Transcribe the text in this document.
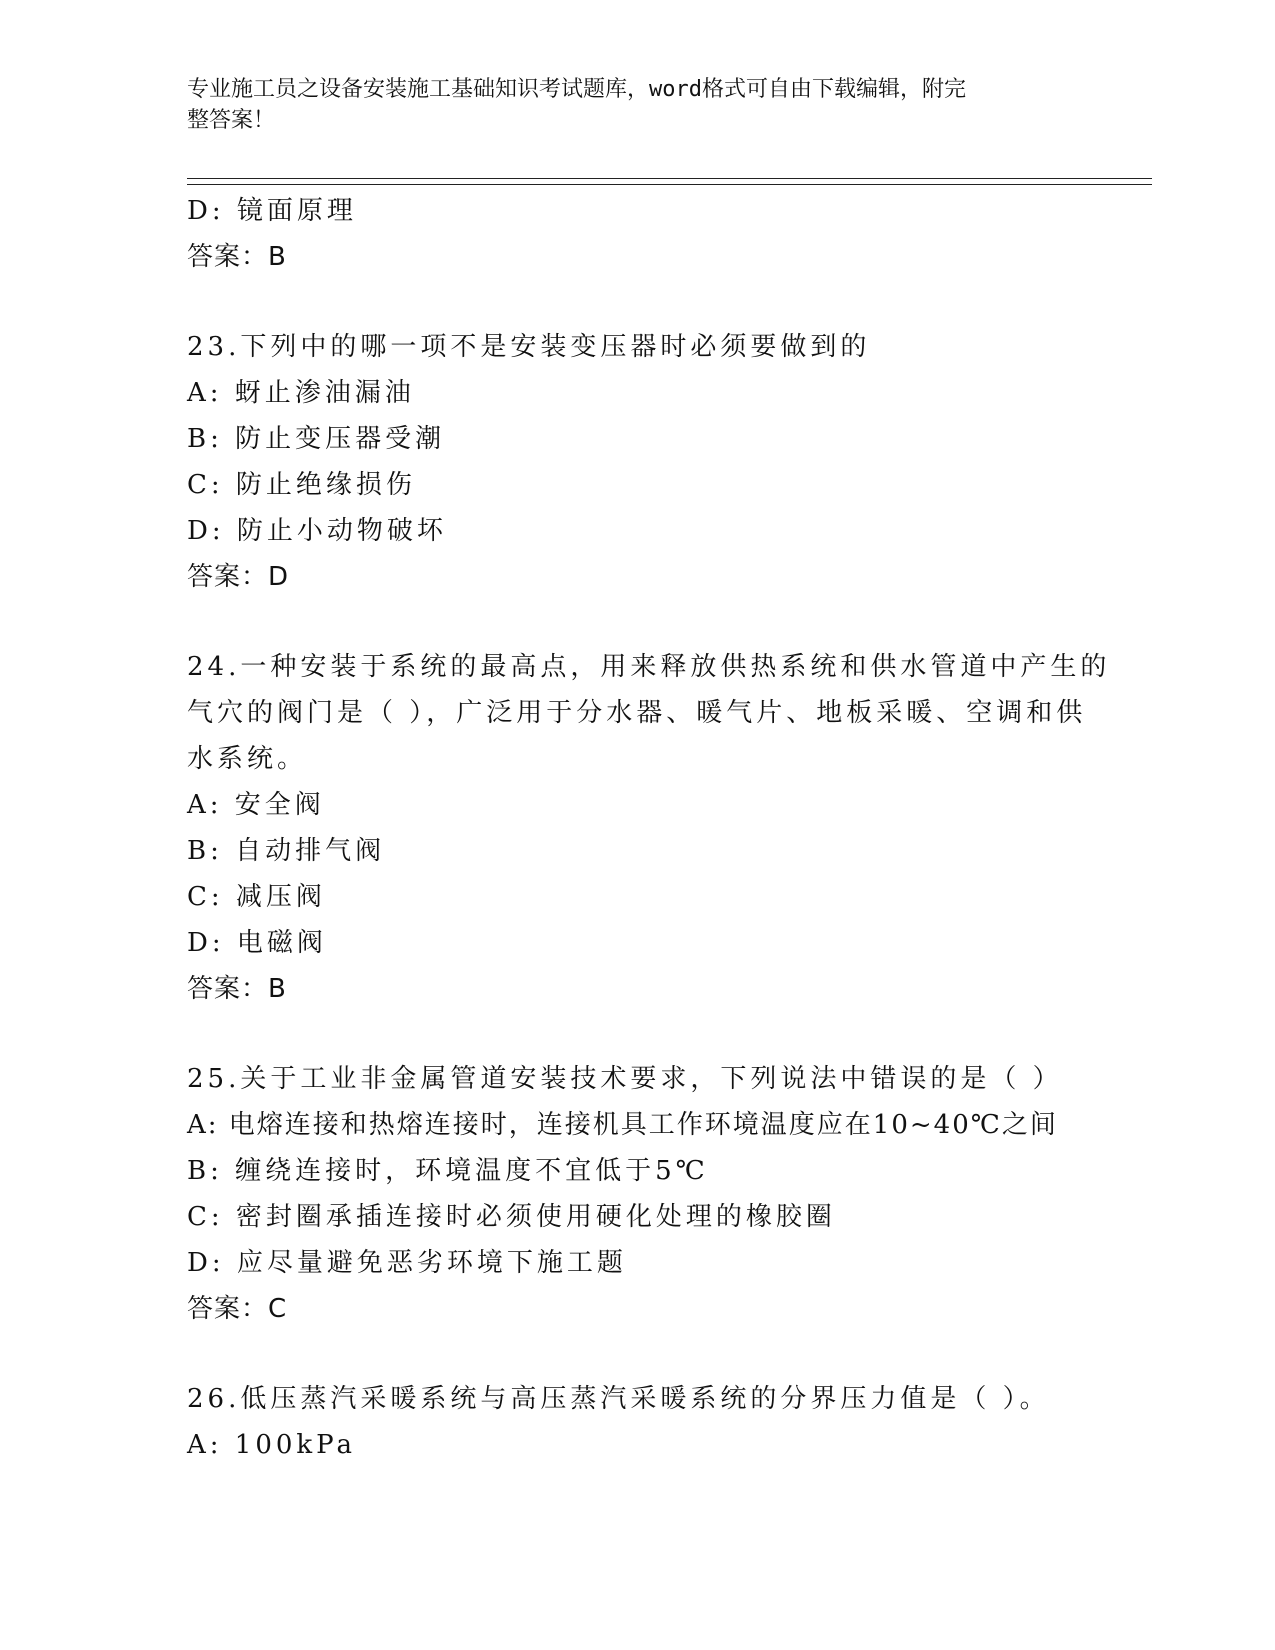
专业施工员之设备安装施工基础知识考试题库，word格式可自由下载编辑，附完
整答案！
D: 镜面原理
答案：B
23.下列中的哪一项不是安装变压器时必须要做到的
A: 蚜止渗油漏油
B: 防止变压器受潮
C: 防止绝缘损伤
D: 防止小动物破坏
答案：D
24.一种安装于系统的最高点，用来释放供热系统和供水管道中产生的
气穴的阀门是（ ），广泛用于分水器、暖气片、地板采暖、空调和供
水系统。
A: 安全阀
B: 自动排气阀
C: 减压阀
D: 电磁阀
答案：B
25.关于工业非金属管道安装技术要求，下列说法中错误的是（ ）
A: 电熔连接和热熔连接时，连接机具工作环境温度应在10~40℃之间
B: 缠绕连接时，环境温度不宜低于5℃
C: 密封圈承插连接时必须使用硬化处理的橡胶圈
D: 应尽量避免恶劣环境下施工题
答案：C
26.低压蒸汽采暖系统与高压蒸汽采暖系统的分界压力值是（ ）。
A: 100kPa
